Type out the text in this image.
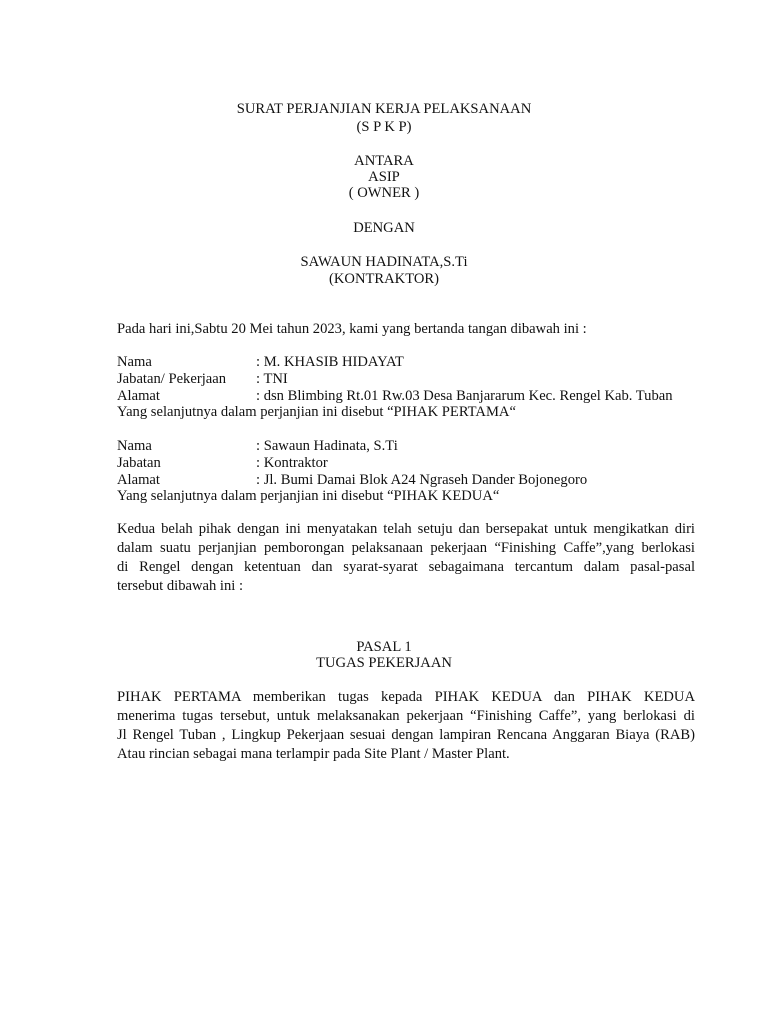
SURAT PERJANJIAN KERJA PELAKSANAAN
(S P K P)
ANTARA
ASIP
( OWNER )
DENGAN
SAWAUN HADINATA,S.Ti
(KONTRAKTOR)
Pada hari ini,Sabtu 20 Mei tahun 2023, kami yang bertanda tangan dibawah ini :
Nama	: M. KHASIB HIDAYAT
Jabatan/ Pekerjaan : TNI
Alamat	: dsn Blimbing Rt.01 Rw.03 Desa Banjararum Kec. Rengel Kab. Tuban
Yang selanjutnya dalam perjanjian ini disebut “PIHAK PERTAMA“
Nama	: Sawaun Hadinata, S.Ti
Jabatan	: Kontraktor
Alamat	: Jl. Bumi Damai Blok A24 Ngraseh Dander Bojonegoro
Yang selanjutnya dalam perjanjian ini disebut “PIHAK KEDUA“
Kedua belah pihak dengan ini menyatakan telah setuju dan bersepakat untuk mengikatkan diri
dalam suatu perjanjian pemborongan pelaksanaan pekerjaan “Finishing Caffe”,yang berlokasi
di Rengel dengan ketentuan dan syarat-syarat sebagaimana tercantum dalam pasal-pasal
tersebut dibawah ini :
PASAL 1
TUGAS PEKERJAAN
PIHAK PERTAMA memberikan tugas kepada PIHAK KEDUA dan PIHAK KEDUA
menerima tugas tersebut, untuk melaksanakan pekerjaan “Finishing Caffe”, yang berlokasi di
Jl Rengel Tuban , Lingkup Pekerjaan sesuai dengan lampiran Rencana Anggaran Biaya (RAB)
Atau rincian sebagai mana terlampir pada Site Plant / Master Plant.
